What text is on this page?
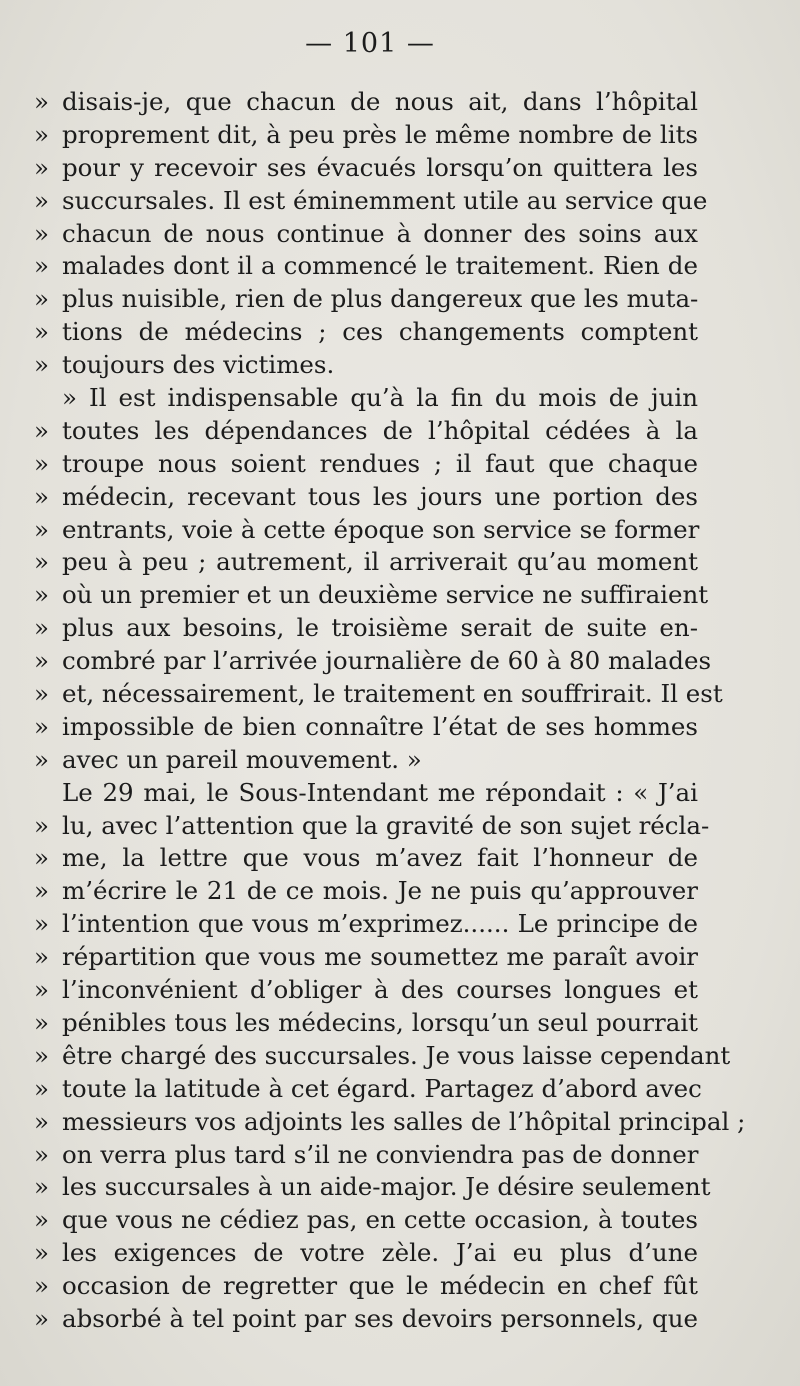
— 101 —
» disais-je, que chacun de nous ait, dans l’hôpital
» proprement dit, à peu près le même nombre de lits
» pour y recevoir ses évacués lorsqu’on quittera les
» succursales. Il est éminemment utile au service que
» chacun de nous continue à donner des soins aux
» malades dont il a commencé le traitement. Rien de
» plus nuisible, rien de plus dangereux que les muta-
» tions de médecins ; ces changements comptent
» toujours des victimes.
» Il est indispensable qu’à la fin du mois de juin
» toutes les dépendances de l’hôpital cédées à la
» troupe nous soient rendues ; il faut que chaque
» médecin, recevant tous les jours une portion des
» entrants, voie à cette époque son service se former
» peu à peu ; autrement, il arriverait qu’au moment
» où un premier et un deuxième service ne suffiraient
» plus aux besoins, le troisième serait de suite en-
» combré par l’arrivée journalière de 60 à 80 malades
» et, nécessairement, le traitement en souffrirait. Il est
» impossible de bien connaître l’état de ses hommes
» avec un pareil mouvement. »
Le 29 mai, le Sous-Intendant me répondait : « J’ai
» lu, avec l’attention que la gravité de son sujet récla-
» me, la lettre que vous m’avez fait l’honneur de
» m’écrire le 21 de ce mois. Je ne puis qu’approuver
» l’intention que vous m’exprimez...... Le principe de
» répartition que vous me soumettez me paraît avoir
» l’inconvénient d’obliger à des courses longues et
» pénibles tous les médecins, lorsqu’un seul pourrait
» être chargé des succursales. Je vous laisse cependant
» toute la latitude à cet égard. Partagez d’abord avec
» messieurs vos adjoints les salles de l’hôpital principal ;
» on verra plus tard s’il ne conviendra pas de donner
» les succursales à un aide-major. Je désire seulement
» que vous ne cédiez pas, en cette occasion, à toutes
» les exigences de votre zèle. J’ai eu plus d’une
» occasion de regretter que le médecin en chef fût
» absorbé à tel point par ses devoirs personnels, que
